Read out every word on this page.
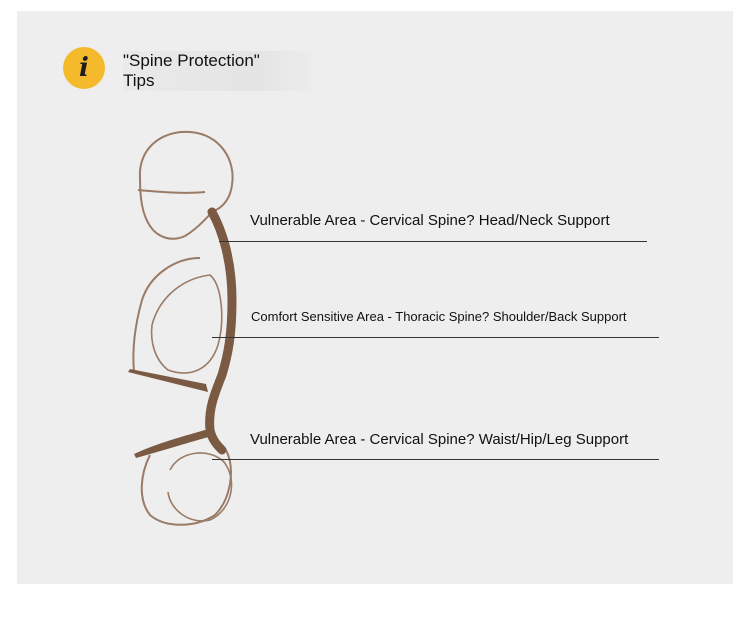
i "Spine Protection"
Tips
Vulnerable Area - Cervical Spine? Head/Neck Support
Comfort Sensitive Area - Thoracic Spine? Shoulder/Back Support
Vulnerable Area - Cervical Spine? Waist/Hip/Leg Support
